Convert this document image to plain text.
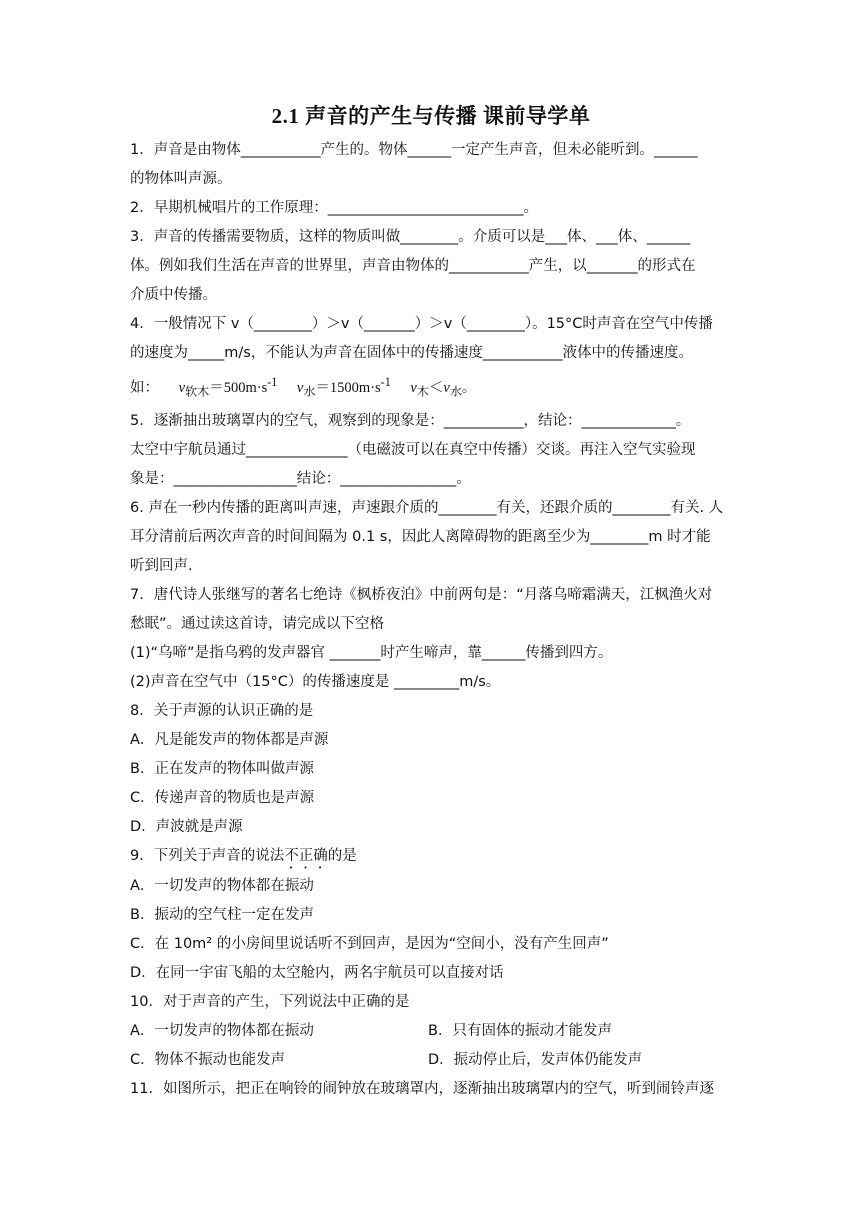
2.1 声音的产生与传播 课前导学单
1．声音是由物体___________产生的。物体______一定产生声音，但未必能听到。______
的物体叫声源。
2．早期机械唱片的工作原理：___________________________。
3．声音的传播需要物质，这样的物质叫做________。介质可以是___体、___体、______
体。例如我们生活在声音的世界里，声音由物体的___________产生，以_______的形式在
介质中传播。
4．一般情况下 v（________）＞v（_______）＞v（________）。15°C时声音在空气中传播
的速度为_____m/s，不能认为声音在固体中的传播速度___________液体中的传播速度。
如： $v_{软木}=500m\cdot s^{-1}$ $v_水=1500m\cdot s^{-1}$ $v_木<v_水$。
5．逐渐抽出玻璃罩内的空气，观察到的现象是：___________，结论：_____________。
太空中宇航员通过______________（电磁波可以在真空中传播）交谈。再注入空气实验现
象是：_________________结论：________________。
6. 声在一秒内传播的距离叫声速，声速跟介质的________有关，还跟介质的________有关. 人
耳分清前后两次声音的时间间隔为 0.1 s，因此人离障碍物的距离至少为________m 时才能
听到回声.
7．唐代诗人张继写的著名七绝诗《枫桥夜泊》中前两句是：“月落乌啼霜满天，江枫渔火对
愁眠”。通过读这首诗，请完成以下空格
(1)“乌啼”是指乌鸦的发声器官 _______时产生啼声，靠______传播到四方。
(2)声音在空气中（15°C）的传播速度是 _________m/s。
8．关于声源的认识正确的是
A．凡是能发声的物体都是声源
B．正在发声的物体叫做声源
C．传递声音的物质也是声源
D．声波就是声源
9．下列关于声音的说法不正确的是
A．一切发声的物体都在振动
B．振动的空气柱一定在发声
C．在 10m² 的小房间里说话听不到回声，是因为“空间小，没有产生回声”
D．在同一宇宙飞船的太空舱内，两名宇航员可以直接对话
10．对于声音的产生，下列说法中正确的是
A．一切发声的物体都在振动	B．只有固体的振动才能发声
C．物体不振动也能发声	D．振动停止后，发声体仍能发声
11．如图所示，把正在响铃的闹钟放在玻璃罩内，逐渐抽出玻璃罩内的空气，听到闹铃声逐
